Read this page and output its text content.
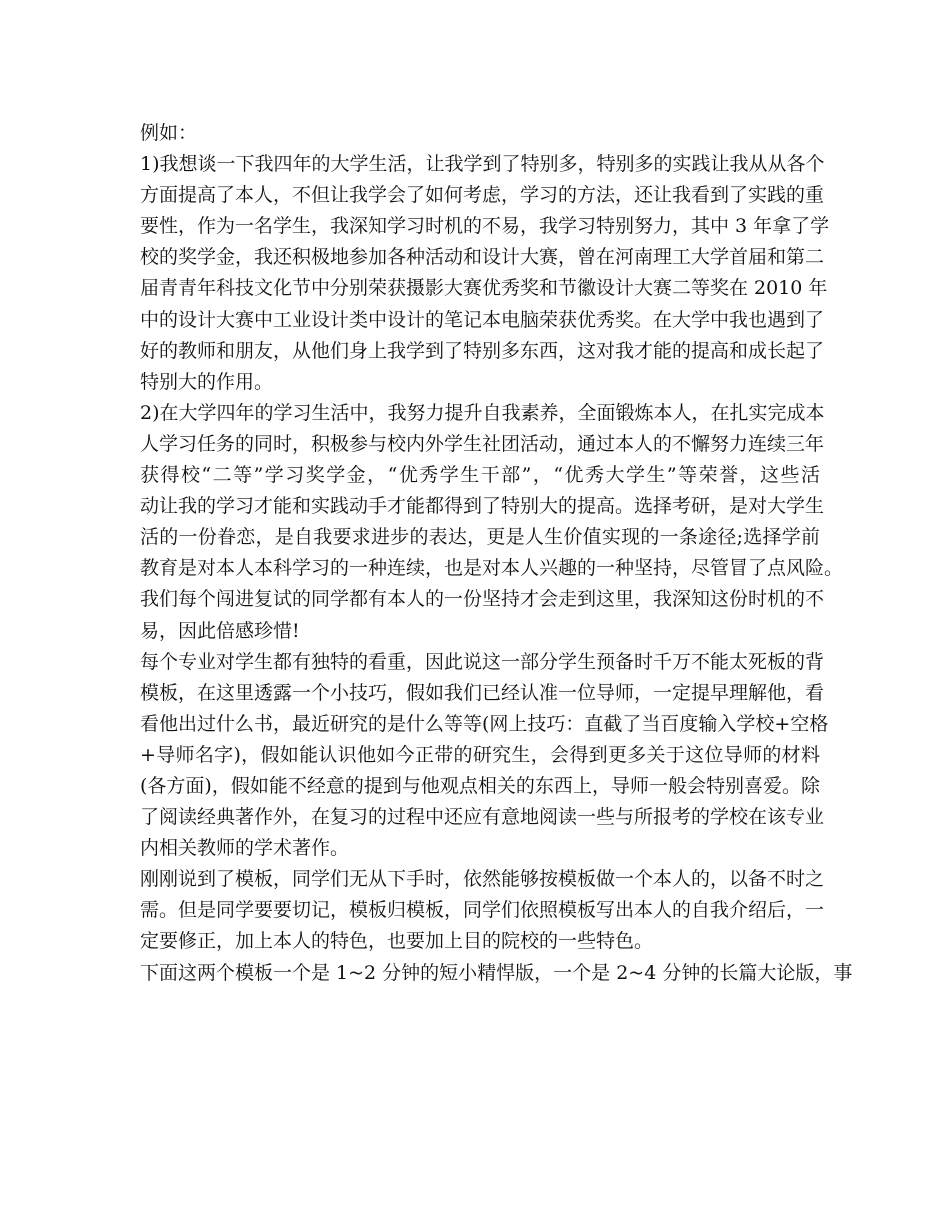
例如：
1)我想谈一下我四年的大学生活，让我学到了特别多，特别多的实践让我从从各个
方面提高了本人，不但让我学会了如何考虑，学习的方法，还让我看到了实践的重
要性，作为一名学生，我深知学习时机的不易，我学习特别努力，其中 3 年拿了学
校的奖学金，我还积极地参加各种活动和设计大赛，曾在河南理工大学首届和第二
届青青年科技文化节中分别荣获摄影大赛优秀奖和节徽设计大赛二等奖在 2010 年
中的设计大赛中工业设计类中设计的笔记本电脑荣获优秀奖。在大学中我也遇到了
好的教师和朋友，从他们身上我学到了特别多东西，这对我才能的提高和成长起了
特别大的作用。
2)在大学四年的学习生活中，我努力提升自我素养，全面锻炼本人，在扎实完成本
人学习任务的同时，积极参与校内外学生社团活动，通过本人的不懈努力连续三年
获得校“二等”学习奖学金，“优秀学生干部”，“优秀大学生”等荣誉，这些活
动让我的学习才能和实践动手才能都得到了特别大的提高。选择考研，是对大学生
活的一份眷恋，是自我要求进步的表达，更是人生价值实现的一条途径;选择学前
教育是对本人本科学习的一种连续，也是对本人兴趣的一种坚持，尽管冒了点风险。
我们每个闯进复试的同学都有本人的一份坚持才会走到这里，我深知这份时机的不
易，因此倍感珍惜!
每个专业对学生都有独特的看重，因此说这一部分学生预备时千万不能太死板的背
模板，在这里透露一个小技巧，假如我们已经认准一位导师，一定提早理解他，看
看他出过什么书，最近研究的是什么等等(网上技巧：直截了当百度输入学校+空格
+导师名字)，假如能认识他如今正带的研究生，会得到更多关于这位导师的材料
(各方面)，假如能不经意的提到与他观点相关的东西上，导师一般会特别喜爱。除
了阅读经典著作外，在复习的过程中还应有意地阅读一些与所报考的学校在该专业
内相关教师的学术著作。
刚刚说到了模板，同学们无从下手时，依然能够按模板做一个本人的，以备不时之
需。但是同学要要切记，模板归模板，同学们依照模板写出本人的自我介绍后，一
定要修正，加上本人的特色，也要加上目的院校的一些特色。
下面这两个模板一个是 1~2 分钟的短小精悍版，一个是 2~4 分钟的长篇大论版，事
